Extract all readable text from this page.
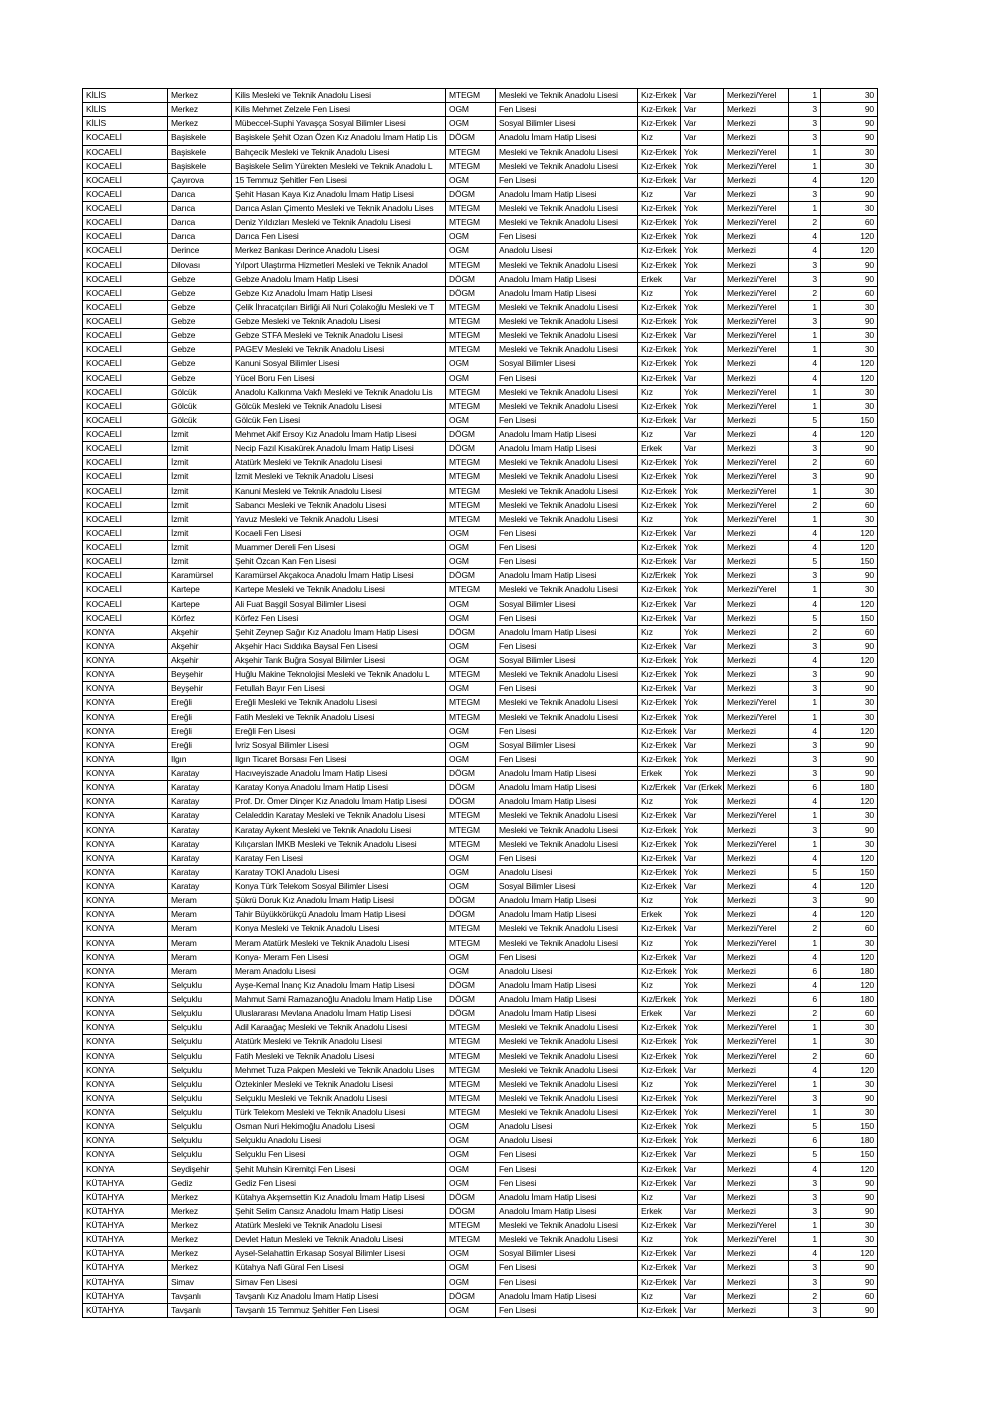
KİLİS	Merkez	Kilis Mesleki ve Teknik Anadolu Lisesi	MTEGM	Mesleki ve Teknik Anadolu Lisesi	Kız-Erkek	Var	Merkezi/Yerel	1	30
KİLİS	Merkez	Kilis Mehmet Zelzele Fen Lisesi	OGM	Fen Lisesi	Kız-Erkek	Var	Merkezi	3	90
KİLİS	Merkez	Mübeccel-Suphi Yavaşça Sosyal Bilimler Lisesi	OGM	Sosyal Bilimler Lisesi	Kız-Erkek	Var	Merkezi	3	90
KOCAELİ	Başiskele	Başiskele Şehit Ozan Özen Kız Anadolu İmam Hatip Lis	DÖGM	Anadolu İmam Hatip Lisesi	Kız	Var	Merkezi	3	90
KOCAELİ	Başiskele	Bahçecik Mesleki ve Teknik Anadolu Lisesi	MTEGM	Mesleki ve Teknik Anadolu Lisesi	Kız-Erkek	Yok	Merkezi/Yerel	1	30
KOCAELİ	Başiskele	Başiskele Selim Yürekten Mesleki ve Teknik Anadolu L	MTEGM	Mesleki ve Teknik Anadolu Lisesi	Kız-Erkek	Yok	Merkezi/Yerel	1	30
KOCAELİ	Çayırova	15 Temmuz Şehitler Fen Lisesi	OGM	Fen Lisesi	Kız-Erkek	Var	Merkezi	4	120
KOCAELİ	Darıca	Şehit Hasan Kaya Kız Anadolu İmam Hatip Lisesi	DÖGM	Anadolu İmam Hatip Lisesi	Kız	Var	Merkezi	3	90
KOCAELİ	Darıca	Darıca Aslan Çimento Mesleki ve Teknik Anadolu Lises	MTEGM	Mesleki ve Teknik Anadolu Lisesi	Kız-Erkek	Yok	Merkezi/Yerel	1	30
KOCAELİ	Darıca	Deniz Yıldızları Mesleki ve Teknik Anadolu Lisesi	MTEGM	Mesleki ve Teknik Anadolu Lisesi	Kız-Erkek	Yok	Merkezi/Yerel	2	60
KOCAELİ	Darıca	Darıca Fen Lisesi	OGM	Fen Lisesi	Kız-Erkek	Yok	Merkezi	4	120
KOCAELİ	Derince	Merkez Bankası Derince Anadolu Lisesi	OGM	Anadolu Lisesi	Kız-Erkek	Yok	Merkezi	4	120
KOCAELİ	Dilovası	Yılport Ulaştırma Hizmetleri Mesleki ve Teknik Anadol	MTEGM	Mesleki ve Teknik Anadolu Lisesi	Kız-Erkek	Yok	Merkezi	3	90
KOCAELİ	Gebze	Gebze Anadolu İmam Hatip Lisesi	DÖGM	Anadolu İmam Hatip Lisesi	Erkek	Var	Merkezi/Yerel	3	90
KOCAELİ	Gebze	Gebze Kız Anadolu İmam Hatip Lisesi	DÖGM	Anadolu İmam Hatip Lisesi	Kız	Yok	Merkezi/Yerel	2	60
KOCAELİ	Gebze	Çelik İhracatçıları Birliği Ali Nuri Çolakoğlu Mesleki ve T	MTEGM	Mesleki ve Teknik Anadolu Lisesi	Kız-Erkek	Yok	Merkezi/Yerel	1	30
KOCAELİ	Gebze	Gebze Mesleki ve Teknik Anadolu Lisesi	MTEGM	Mesleki ve Teknik Anadolu Lisesi	Kız-Erkek	Yok	Merkezi/Yerel	3	90
KOCAELİ	Gebze	Gebze STFA Mesleki ve Teknik Anadolu Lisesi	MTEGM	Mesleki ve Teknik Anadolu Lisesi	Kız-Erkek	Var	Merkezi/Yerel	1	30
KOCAELİ	Gebze	PAGEV Mesleki ve Teknik Anadolu Lisesi	MTEGM	Mesleki ve Teknik Anadolu Lisesi	Kız-Erkek	Yok	Merkezi/Yerel	1	30
KOCAELİ	Gebze	Kanuni Sosyal Bilimler Lisesi	OGM	Sosyal Bilimler Lisesi	Kız-Erkek	Yok	Merkezi	4	120
KOCAELİ	Gebze	Yücel Boru Fen Lisesi	OGM	Fen Lisesi	Kız-Erkek	Var	Merkezi	4	120
KOCAELİ	Gölcük	Anadolu Kalkınma Vakfı Mesleki ve Teknik Anadolu Lis	MTEGM	Mesleki ve Teknik Anadolu Lisesi	Kız	Yok	Merkezi/Yerel	1	30
KOCAELİ	Gölcük	Gölcük Mesleki ve Teknik Anadolu Lisesi	MTEGM	Mesleki ve Teknik Anadolu Lisesi	Kız-Erkek	Yok	Merkezi/Yerel	1	30
KOCAELİ	Gölcük	Gölcük Fen Lisesi	OGM	Fen Lisesi	Kız-Erkek	Var	Merkezi	5	150
KOCAELİ	İzmit	Mehmet Akif Ersoy Kız Anadolu İmam Hatip Lisesi	DÖGM	Anadolu İmam Hatip Lisesi	Kız	Var	Merkezi	4	120
KOCAELİ	İzmit	Necip Fazıl Kısakürek Anadolu İmam Hatip Lisesi	DÖGM	Anadolu İmam Hatip Lisesi	Erkek	Var	Merkezi	3	90
KOCAELİ	İzmit	Atatürk Mesleki ve Teknik Anadolu Lisesi	MTEGM	Mesleki ve Teknik Anadolu Lisesi	Kız-Erkek	Yok	Merkezi/Yerel	2	60
KOCAELİ	İzmit	İzmit Mesleki ve Teknik Anadolu Lisesi	MTEGM	Mesleki ve Teknik Anadolu Lisesi	Kız-Erkek	Yok	Merkezi/Yerel	3	90
KOCAELİ	İzmit	Kanuni Mesleki ve Teknik Anadolu Lisesi	MTEGM	Mesleki ve Teknik Anadolu Lisesi	Kız-Erkek	Yok	Merkezi/Yerel	1	30
KOCAELİ	İzmit	Sabancı Mesleki ve Teknik Anadolu Lisesi	MTEGM	Mesleki ve Teknik Anadolu Lisesi	Kız-Erkek	Yok	Merkezi/Yerel	2	60
KOCAELİ	İzmit	Yavuz Mesleki ve Teknik Anadolu Lisesi	MTEGM	Mesleki ve Teknik Anadolu Lisesi	Kız	Yok	Merkezi/Yerel	1	30
KOCAELİ	İzmit	Kocaeli Fen Lisesi	OGM	Fen Lisesi	Kız-Erkek	Var	Merkezi	4	120
KOCAELİ	İzmit	Muammer Dereli Fen Lisesi	OGM	Fen Lisesi	Kız-Erkek	Yok	Merkezi	4	120
KOCAELİ	İzmit	Şehit Özcan Kan Fen Lisesi	OGM	Fen Lisesi	Kız-Erkek	Var	Merkezi	5	150
KOCAELİ	Karamürsel	Karamürsel Akçakoca Anadolu İmam Hatip Lisesi	DÖGM	Anadolu İmam Hatip Lisesi	Kız/Erkek	Yok	Merkezi	3	90
KOCAELİ	Kartepe	Kartepe Mesleki ve Teknik Anadolu Lisesi	MTEGM	Mesleki ve Teknik Anadolu Lisesi	Kız-Erkek	Yok	Merkezi/Yerel	1	30
KOCAELİ	Kartepe	Ali Fuat Başgil Sosyal Bilimler Lisesi	OGM	Sosyal Bilimler Lisesi	Kız-Erkek	Var	Merkezi	4	120
KOCAELİ	Körfez	Körfez Fen Lisesi	OGM	Fen Lisesi	Kız-Erkek	Var	Merkezi	5	150
KONYA	Akşehir	Şehit Zeynep Sağır Kız Anadolu İmam Hatip Lisesi	DÖGM	Anadolu İmam Hatip Lisesi	Kız	Yok	Merkezi	2	60
KONYA	Akşehir	Akşehir Hacı Sıddıka Baysal Fen Lisesi	OGM	Fen Lisesi	Kız-Erkek	Var	Merkezi	3	90
KONYA	Akşehir	Akşehir Tarık Buğra Sosyal Bilimler Lisesi	OGM	Sosyal Bilimler Lisesi	Kız-Erkek	Yok	Merkezi	4	120
KONYA	Beyşehir	Huğlu Makine Teknolojisi Mesleki ve Teknik Anadolu L	MTEGM	Mesleki ve Teknik Anadolu Lisesi	Kız-Erkek	Yok	Merkezi	3	90
KONYA	Beyşehir	Fetullah Bayır Fen Lisesi	OGM	Fen Lisesi	Kız-Erkek	Var	Merkezi	3	90
KONYA	Ereğli	Ereğli Mesleki ve Teknik Anadolu Lisesi	MTEGM	Mesleki ve Teknik Anadolu Lisesi	Kız-Erkek	Yok	Merkezi/Yerel	1	30
KONYA	Ereğli	Fatih Mesleki ve Teknik Anadolu Lisesi	MTEGM	Mesleki ve Teknik Anadolu Lisesi	Kız-Erkek	Yok	Merkezi/Yerel	1	30
KONYA	Ereğli	Ereğli Fen Lisesi	OGM	Fen Lisesi	Kız-Erkek	Var	Merkezi	4	120
KONYA	Ereğli	İvriz Sosyal Bilimler Lisesi	OGM	Sosyal Bilimler Lisesi	Kız-Erkek	Var	Merkezi	3	90
KONYA	Ilgın	Ilgın Ticaret Borsası Fen Lisesi	OGM	Fen Lisesi	Kız-Erkek	Yok	Merkezi	3	90
KONYA	Karatay	Hacıveyiszade Anadolu İmam Hatip Lisesi	DÖGM	Anadolu İmam Hatip Lisesi	Erkek	Yok	Merkezi	3	90
KONYA	Karatay	Karatay Konya Anadolu İmam Hatip Lisesi	DÖGM	Anadolu İmam Hatip Lisesi	Kız/Erkek	Var (Erkek	Merkezi	6	180
KONYA	Karatay	Prof. Dr. Ömer Dinçer Kız Anadolu İmam Hatip Lisesi	DÖGM	Anadolu İmam Hatip Lisesi	Kız	Yok	Merkezi	4	120
KONYA	Karatay	Celaleddin Karatay Mesleki ve Teknik Anadolu Lisesi	MTEGM	Mesleki ve Teknik Anadolu Lisesi	Kız-Erkek	Var	Merkezi/Yerel	1	30
KONYA	Karatay	Karatay Aykent Mesleki ve Teknik Anadolu Lisesi	MTEGM	Mesleki ve Teknik Anadolu Lisesi	Kız-Erkek	Yok	Merkezi	3	90
KONYA	Karatay	Kılıçarslan İMKB Mesleki ve Teknik Anadolu Lisesi	MTEGM	Mesleki ve Teknik Anadolu Lisesi	Kız-Erkek	Yok	Merkezi/Yerel	1	30
KONYA	Karatay	Karatay Fen Lisesi	OGM	Fen Lisesi	Kız-Erkek	Var	Merkezi	4	120
KONYA	Karatay	Karatay TOKİ Anadolu Lisesi	OGM	Anadolu Lisesi	Kız-Erkek	Yok	Merkezi	5	150
KONYA	Karatay	Konya Türk Telekom Sosyal Bilimler Lisesi	OGM	Sosyal Bilimler Lisesi	Kız-Erkek	Var	Merkezi	4	120
KONYA	Meram	Şükrü Doruk Kız Anadolu İmam Hatip Lisesi	DÖGM	Anadolu İmam Hatip Lisesi	Kız	Yok	Merkezi	3	90
KONYA	Meram	Tahir Büyükkörükçü Anadolu İmam Hatip Lisesi	DÖGM	Anadolu İmam Hatip Lisesi	Erkek	Yok	Merkezi	4	120
KONYA	Meram	Konya Mesleki ve Teknik Anadolu Lisesi	MTEGM	Mesleki ve Teknik Anadolu Lisesi	Kız-Erkek	Var	Merkezi/Yerel	2	60
KONYA	Meram	Meram Atatürk Mesleki ve Teknik Anadolu Lisesi	MTEGM	Mesleki ve Teknik Anadolu Lisesi	Kız	Yok	Merkezi/Yerel	1	30
KONYA	Meram	Konya- Meram Fen Lisesi	OGM	Fen Lisesi	Kız-Erkek	Var	Merkezi	4	120
KONYA	Meram	Meram Anadolu Lisesi	OGM	Anadolu Lisesi	Kız-Erkek	Yok	Merkezi	6	180
KONYA	Selçuklu	Ayşe-Kemal İnanç Kız Anadolu İmam Hatip Lisesi	DÖGM	Anadolu İmam Hatip Lisesi	Kız	Yok	Merkezi	4	120
KONYA	Selçuklu	Mahmut Sami Ramazanoğlu Anadolu İmam Hatip Lise	DÖGM	Anadolu İmam Hatip Lisesi	Kız/Erkek	Yok	Merkezi	6	180
KONYA	Selçuklu	Uluslararası Mevlana Anadolu İmam Hatip Lisesi	DÖGM	Anadolu İmam Hatip Lisesi	Erkek	Var	Merkezi	2	60
KONYA	Selçuklu	Adil Karaağaç Mesleki ve Teknik Anadolu Lisesi	MTEGM	Mesleki ve Teknik Anadolu Lisesi	Kız-Erkek	Yok	Merkezi/Yerel	1	30
KONYA	Selçuklu	Atatürk Mesleki ve Teknik Anadolu Lisesi	MTEGM	Mesleki ve Teknik Anadolu Lisesi	Kız-Erkek	Yok	Merkezi/Yerel	1	30
KONYA	Selçuklu	Fatih Mesleki ve Teknik Anadolu Lisesi	MTEGM	Mesleki ve Teknik Anadolu Lisesi	Kız-Erkek	Yok	Merkezi/Yerel	2	60
KONYA	Selçuklu	Mehmet Tuza Pakpen Mesleki ve Teknik Anadolu Lises	MTEGM	Mesleki ve Teknik Anadolu Lisesi	Kız-Erkek	Var	Merkezi	4	120
KONYA	Selçuklu	Öztekinler Mesleki ve Teknik Anadolu Lisesi	MTEGM	Mesleki ve Teknik Anadolu Lisesi	Kız	Yok	Merkezi/Yerel	1	30
KONYA	Selçuklu	Selçuklu Mesleki ve Teknik Anadolu Lisesi	MTEGM	Mesleki ve Teknik Anadolu Lisesi	Kız-Erkek	Yok	Merkezi/Yerel	3	90
KONYA	Selçuklu	Türk Telekom Mesleki ve Teknik Anadolu Lisesi	MTEGM	Mesleki ve Teknik Anadolu Lisesi	Kız-Erkek	Yok	Merkezi/Yerel	1	30
KONYA	Selçuklu	Osman Nuri Hekimoğlu Anadolu Lisesi	OGM	Anadolu Lisesi	Kız-Erkek	Yok	Merkezi	5	150
KONYA	Selçuklu	Selçuklu Anadolu Lisesi	OGM	Anadolu Lisesi	Kız-Erkek	Yok	Merkezi	6	180
KONYA	Selçuklu	Selçuklu Fen Lisesi	OGM	Fen Lisesi	Kız-Erkek	Var	Merkezi	5	150
KONYA	Seydişehir	Şehit Muhsin Kiremitçi Fen Lisesi	OGM	Fen Lisesi	Kız-Erkek	Var	Merkezi	4	120
KÜTAHYA	Gediz	Gediz Fen Lisesi	OGM	Fen Lisesi	Kız-Erkek	Var	Merkezi	3	90
KÜTAHYA	Merkez	Kütahya Akşemsettin Kız Anadolu İmam Hatip Lisesi	DÖGM	Anadolu İmam Hatip Lisesi	Kız	Var	Merkezi	3	90
KÜTAHYA	Merkez	Şehit Selim Cansız Anadolu İmam Hatip Lisesi	DÖGM	Anadolu İmam Hatip Lisesi	Erkek	Var	Merkezi	3	90
KÜTAHYA	Merkez	Atatürk Mesleki ve Teknik Anadolu Lisesi	MTEGM	Mesleki ve Teknik Anadolu Lisesi	Kız-Erkek	Var	Merkezi/Yerel	1	30
KÜTAHYA	Merkez	Devlet Hatun Mesleki ve Teknik Anadolu Lisesi	MTEGM	Mesleki ve Teknik Anadolu Lisesi	Kız	Yok	Merkezi/Yerel	1	30
KÜTAHYA	Merkez	Aysel-Selahattin Erkasap Sosyal Bilimler Lisesi	OGM	Sosyal Bilimler Lisesi	Kız-Erkek	Var	Merkezi	4	120
KÜTAHYA	Merkez	Kütahya Nafi Güral Fen Lisesi	OGM	Fen Lisesi	Kız-Erkek	Var	Merkezi	3	90
KÜTAHYA	Simav	Simav Fen Lisesi	OGM	Fen Lisesi	Kız-Erkek	Var	Merkezi	3	90
KÜTAHYA	Tavşanlı	Tavşanlı Kız Anadolu İmam Hatip Lisesi	DÖGM	Anadolu İmam Hatip Lisesi	Kız	Var	Merkezi	2	60
KÜTAHYA	Tavşanlı	Tavşanlı 15 Temmuz Şehitler Fen Lisesi	OGM	Fen Lisesi	Kız-Erkek	Var	Merkezi	3	90
